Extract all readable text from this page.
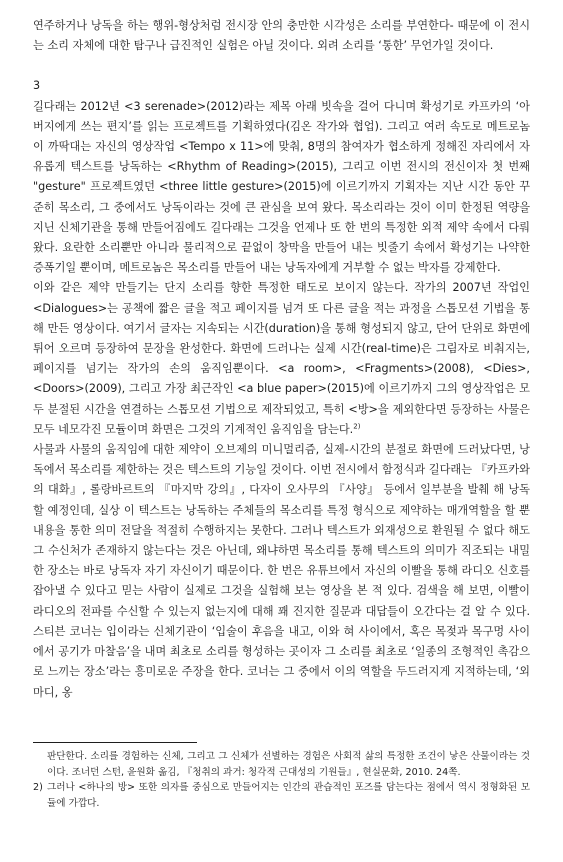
연주하거나 낭독을 하는 행위-형상처럼 전시장 안의 충만한 시각성은 소리를 부연한다- 때문에 이 전시는 소리 자체에 대한 탐구나 급진적인 실험은 아닐 것이다. 외려 소리를 ‘통한’ 무언가일 것이다.

3

길다래는 2012년 <3 serenade>(2012)라는 제목 아래 빗속을 걸어 다니며 확성기로 카프카의 ‘아버지에게 쓰는 편지’를 읽는 프로젝트를 기획하였다(김온 작가와 협업). 그리고 여러 속도로 메트로놈이 까딱대는 자신의 영상작업 <Tempo x 11>에 맞춰, 8명의 참여자가 협소하게 정해진 자리에서 자유롭게 텍스트를 낭독하는 <Rhythm of Reading>(2015), 그리고 이번 전시의 전신이자 첫 번째 "gesture" 프로젝트였던 <three little gesture>(2015)에 이르기까지 기획자는 지난 시간 동안 꾸준히 목소리, 그 중에서도 낭독이라는 것에 큰 관심을 보여 왔다. 목소리라는 것이 이미 한정된 역량을 지닌 신체기관을 통해 만들어짐에도 길다래는 그것을 언제나 또 한 번의 특정한 외적 제약 속에서 다뤄 왔다. 요란한 소리뿐만 아니라 물리적으로 끝없이 창막을 만들어 내는 빗줄기 속에서 확성기는 나약한 증폭기일 뿐이며, 메트로놈은 목소리를 만들어 내는 낭독자에게 거부할 수 없는 박자를 강제한다.

이와 같은 제약 만들기는 단지 소리를 향한 특정한 태도로 보이지 않는다. 작가의 2007년 작업인 <Dialogues>는 공책에 짧은 글을 적고 페이지를 넘겨 또 다른 글을 적는 과정을 스톱모션 기법을 통해 만든 영상이다. 여기서 글자는 지속되는 시간(duration)을 통해 형성되지 않고, 단어 단위로 화면에 튀어 오르며 등장하여 문장을 완성한다. 화면에 드러나는 실제 시간(real-time)은 그림자로 비춰지는, 페이지를 넘기는 작가의 손의 움직임뿐이다. <a room>, <Fragments>(2008), <Dies>, <Doors>(2009), 그리고 가장 최근작인 <a blue paper>(2015)에 이르기까지 그의 영상작업은 모두 분절된 시간을 연결하는 스톱모션 기법으로 제작되었고, 특히 <방>을 제외한다면 등장하는 사물은 모두 네모각진 모듈이며 화면은 그것의 기계적인 움직임을 담는다.$^{2)}$

사물과 사물의 움직임에 대한 제약이 오브제의 미니멀리즘, 실제-시간의 분절로 화면에 드러났다면, 낭독에서 목소리를 제한하는 것은 텍스트의 기능일 것이다. 이번 전시에서 함정식과 길다래는 『카프카와의 대화』, 롤랑바르트의 『마지막 강의』, 다자이 오사무의 『사양』 등에서 일부분을 발췌 해 낭독 할 예정인데, 실상 이 텍스트는 낭독하는 주체들의 목소리를 특정 형식으로 제약하는 매개역할을 할 뿐 내용을 통한 의미 전달을 적절히 수행하지는 못한다. 그러나 텍스트가 외재성으로 환원될 수 없다 해도 그 수신처가 존재하지 않는다는 것은 아닌데, 왜냐하면 목소리를 통해 텍스트의 의미가 직조되는 내밀한 장소는 바로 낭독자 자기 자신이기 때문이다. 한 번은 유튜브에서 자신의 이빨을 통해 라디오 신호를 잡아낼 수 있다고 믿는 사람이 실제로 그것을 실험해 보는 영상을 본 적 있다. 검색을 해 보면, 이빨이 라디오의 전파를 수신할 수 있는지 없는지에 대해 꽤 진지한 질문과 대답들이 오간다는 걸 알 수 있다. 스티븐 코너는 입이라는 신체기관이 ‘입술이 후음을 내고, 이와 혀 사이에서, 혹은 목젖과 목구멍 사이에서 공기가 마찰음’을 내며 최초로 소리를 형성하는 곳이자 그 소리를 최초로 ‘일종의 조형적인 촉감으로 느끼는 장소’라는 흥미로운 주장을 한다. 코너는 그 중에서 이의 역할을 두드러지게 지적하는데, ‘외마디, 옹

판단한다. 소리를 경험하는 신체, 그리고 그 신체가 선별하는 경험은 사회적 삶의 특정한 조건이 낳은 산물이라는 것이다. 조너던 스턴, 윤원화 옮김, 『청취의 과거: 청각적 근대성의 기원들』, 현실문화, 2010. 24쪽.

2) 그러나 <하나의 방> 또한 의자를 중심으로 만들어지는 인간의 관습적인 포즈를 담는다는 점에서 역시 정형화된 모듈에 가깝다.
